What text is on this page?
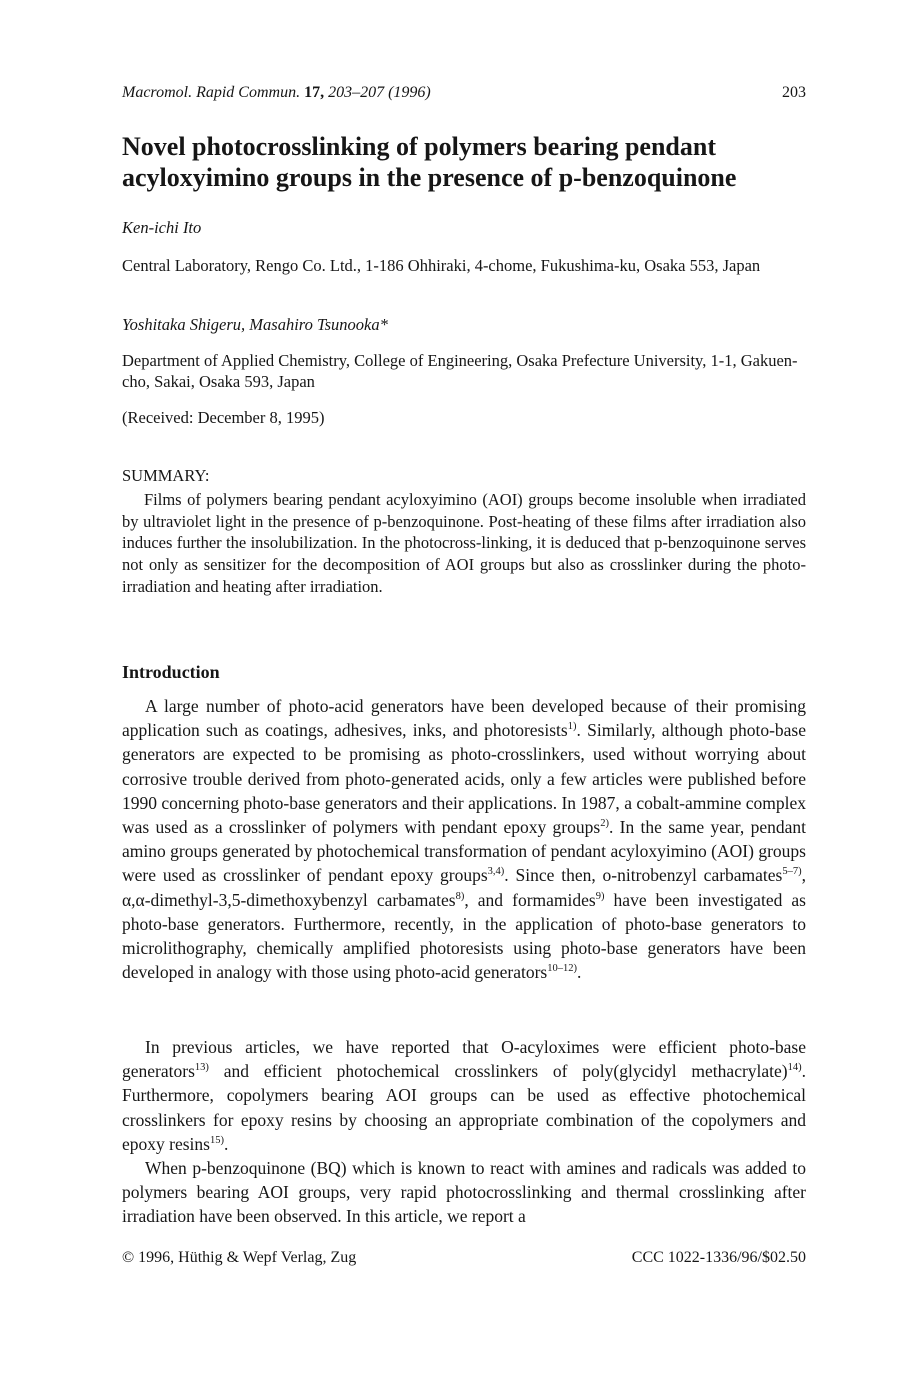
Macromol. Rapid Commun. 17, 203–207 (1996)	203
Novel photocrosslinking of polymers bearing pendant acyloxyimino groups in the presence of p-benzoquinone
Ken-ichi Ito
Central Laboratory, Rengo Co. Ltd., 1-186 Ohhiraki, 4-chome, Fukushima-ku, Osaka 553, Japan
Yoshitaka Shigeru, Masahiro Tsunooka*
Department of Applied Chemistry, College of Engineering, Osaka Prefecture University, 1-1, Gakuen-cho, Sakai, Osaka 593, Japan
(Received: December 8, 1995)
SUMMARY:
Films of polymers bearing pendant acyloxyimino (AOI) groups become insoluble when irradiated by ultraviolet light in the presence of p-benzoquinone. Post-heating of these films after irradiation also induces further the insolubilization. In the photocross-linking, it is deduced that p-benzoquinone serves not only as sensitizer for the decomposition of AOI groups but also as crosslinker during the photo-irradiation and heating after irradiation.
Introduction
A large number of photo-acid generators have been developed because of their promising application such as coatings, adhesives, inks, and photoresists$^{1)}$. Similarly, although photo-base generators are expected to be promising as photo-crosslinkers, used without worrying about corrosive trouble derived from photo-generated acids, only a few articles were published before 1990 concerning photo-base generators and their applications. In 1987, a cobalt-ammine complex was used as a crosslinker of polymers with pendant epoxy groups$^{2)}$. In the same year, pendant amino groups generated by photochemical transformation of pendant acyloxyimino (AOI) groups were used as crosslinker of pendant epoxy groups$^{3,4)}$. Since then, o-nitrobenzyl carbamates$^{5-7)}$, α,α-dimethyl-3,5-dimethoxybenzyl carbamates$^{8)}$, and formamides$^{9)}$ have been investigated as photo-base generators. Furthermore, recently, in the application of photo-base generators to microlithography, chemically amplified photoresists using photo-base generators have been developed in analogy with those using photo-acid generators$^{10-12)}$.
In previous articles, we have reported that O-acyloximes were efficient photo-base generators$^{13)}$ and efficient photochemical crosslinkers of poly(glycidyl methacrylate)$^{14)}$. Furthermore, copolymers bearing AOI groups can be used as effective photochemical crosslinkers for epoxy resins by choosing an appropriate combination of the copolymers and epoxy resins$^{15)}$.
When p-benzoquinone (BQ) which is known to react with amines and radicals was added to polymers bearing AOI groups, very rapid photocrosslinking and thermal crosslinking after irradiation have been observed. In this article, we report a
© 1996, Hüthig & Wepf Verlag, Zug	CCC 1022-1336/96/$02.50
